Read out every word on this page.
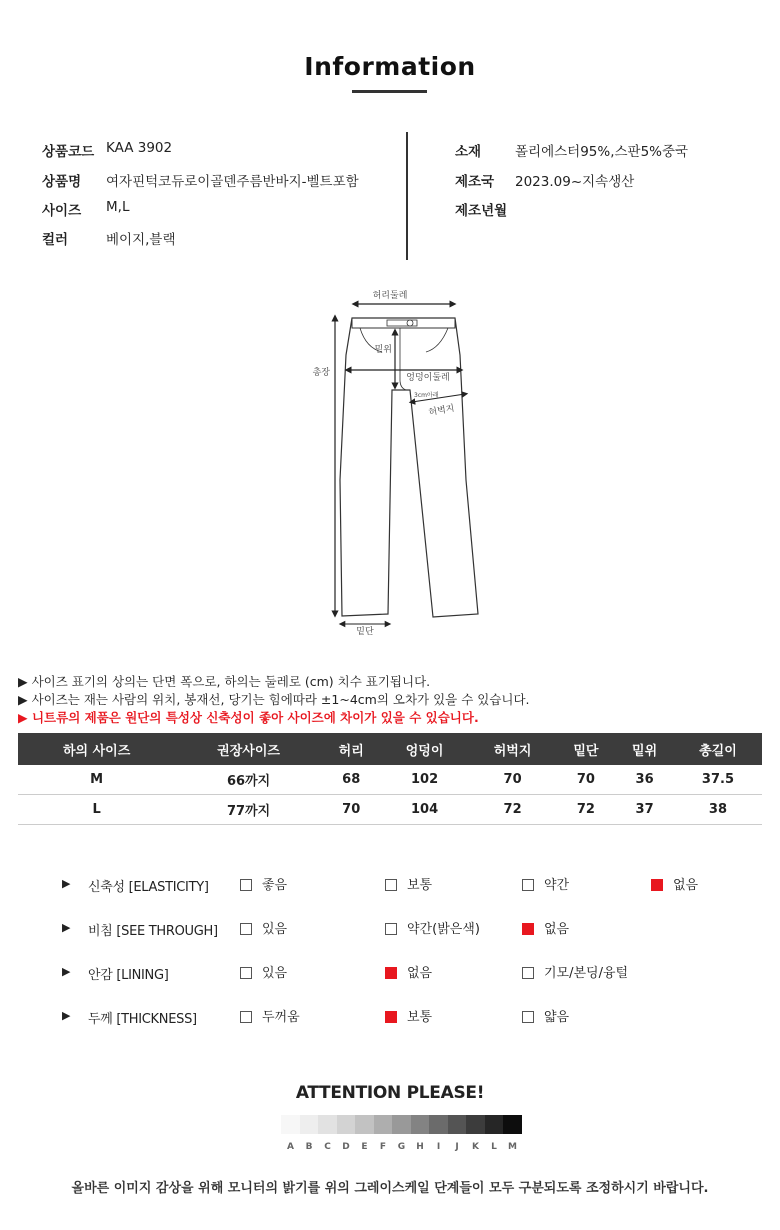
Information
상품코드 KAA 3902
상품명 여자핀턱코듀로이골덴주름반바지-벨트포함
사이즈 M,L
컬러	베이지,블랙
소재	폴리에스터95%,스판5%중국
제조국 2023.09~지속생산
제조년월
허리둘레
밑위
엉덩이둘레
3cm아래
허벅지
총장
밑단
▶ 사이즈 표기의 상의는 단면 폭으로, 하의는 둘레로 (cm) 치수 표기됩니다.
▶ 사이즈는 재는 사람의 위치, 봉재선, 당기는 힘에따라 ±1~4cm의 오차가 있을 수 있습니다.
▶ 니트류의 제품은 원단의 특성상 신축성이 좋아 사이즈에 차이가 있을 수 있습니다.
하의 사이즈	권장사이즈	허리	엉덩이	허벅지	밑단	밑위	총길이
M	66까지	68	102	70	70	36	37.5
L	77까지	70	104	72	72	37	38
▶ 신축성 [ELASTICITY]	좋음	보통	약간	없음
▶ 비침 [SEE THROUGH]	있음	약간(밝은색)	없음
▶ 안감 [LINING]	있음	없음	기모/본딩/융털
▶ 두께 [THICKNESS]	두꺼움	보통	얇음
ATTENTION PLEASE!
A	B	C	D	E	F	G	H	I	J	K	L	M
올바른 이미지 감상을 위해 모니터의 밝기를 위의 그레이스케일 단계들이 모두 구분되도록 조정하시기 바랍니다.
